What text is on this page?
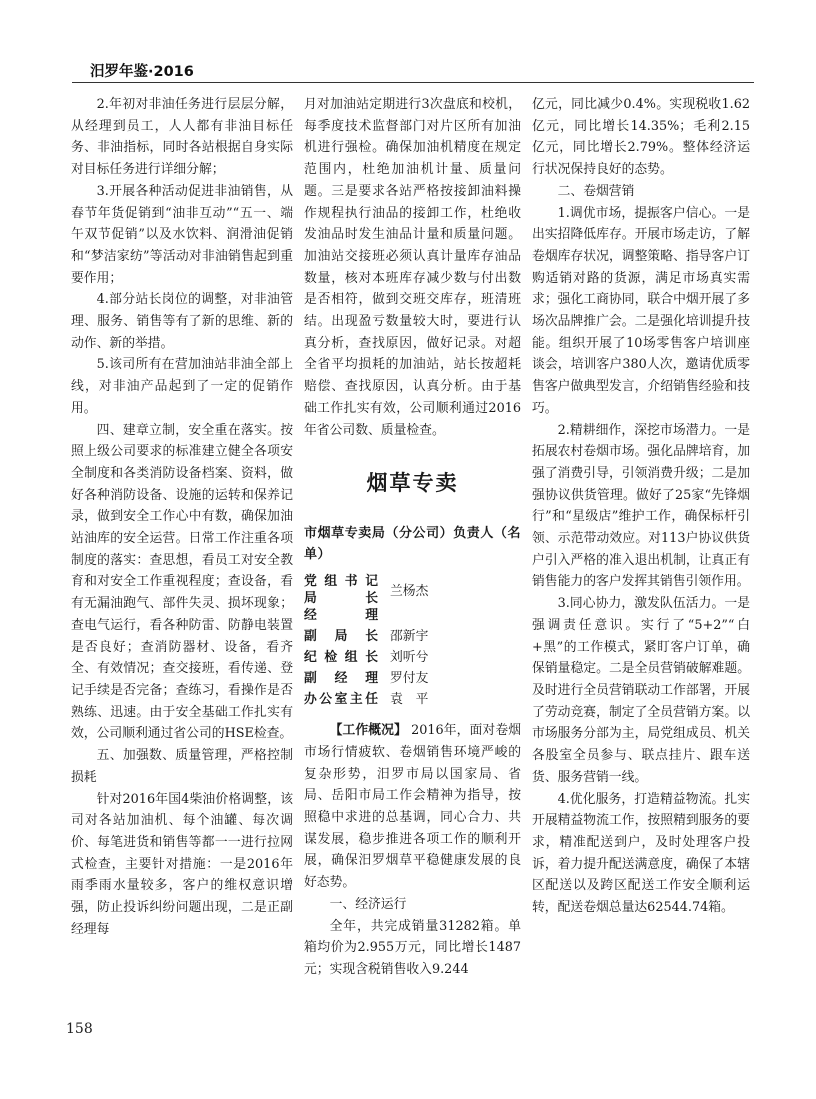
汨罗年鉴·2016

2.年初对非油任务进行层层分解，从经理到员工，人人都有非油目标任务、非油指标，同时各站根据自身实际对目标任务进行详细分解；

3.开展各种活动促进非油销售，从春节年货促销到“油非互动”“五一、端午双节促销”以及水饮料、润滑油促销和“梦洁家纺”等活动对非油销售起到重要作用；

4.部分站长岗位的调整，对非油管理、服务、销售等有了新的思维、新的动作、新的举措。

5.该司所有在营加油站非油全部上线，对非油产品起到了一定的促销作用。

四、建章立制，安全重在落实。按照上级公司要求的标准建立健全各项安全制度和各类消防设备档案、资料，做好各种消防设备、设施的运转和保养记录，做到安全工作心中有数，确保加油站油库的安全运营。日常工作注重各项制度的落实：查思想，看员工对安全教育和对安全工作重视程度；查设备，看有无漏油跑气、部件失灵、损坏现象；查电气运行，看各种防雷、防静电装置是否良好；查消防器材、设备，看齐全、有效情况；查交接班，看传递、登记手续是否完备；查练习，看操作是否熟练、迅速。由于安全基础工作扎实有效，公司顺利通过省公司的HSE检查。

五、加强数、质量管理，严格控制损耗

针对2016年国4柴油价格调整，该司对各站加油机、每个油罐、每次调价、每笔进货和销售等都一一进行拉网式检查，主要针对措施：一是2016年雨季雨水量较多，客户的维权意识增强，防止投诉纠纷问题出现，二是正副经理每

月对加油站定期进行3次盘底和校机，每季度技术监督部门对片区所有加油机进行强检。确保加油机精度在规定范围内，杜绝加油机计量、质量问题。三是要求各站严格按接卸油料操作规程执行油品的接卸工作，杜绝收发油品时发生油品计量和质量问题。加油站交接班必须认真计量库存油品数量，核对本班库存减少数与付出数是否相符，做到交班交库存，班清班结。出现盈亏数量较大时，要进行认真分析，查找原因，做好记录。对超全省平均损耗的加油站，站长按超耗赔偿、查找原因，认真分析。由于基础工作扎实有效，公司顺利通过2016年省公司数、质量检查。

烟草专卖
市烟草专卖局（分公司）负责人（名单）
党组书记
局　　长
经　　理
兰杨杰
副局长 邵新宇
纪检组长 刘听兮
副经理 罗付友
办公室主任 袁　平

【工作概况】 2016年，面对卷烟市场行情疲软、卷烟销售环境严峻的复杂形势，汨罗市局以国家局、省局、岳阳市局工作会精神为指导，按照稳中求进的总基调，同心合力、共谋发展，稳步推进各项工作的顺利开展，确保汨罗烟草平稳健康发展的良好态势。

一、经济运行

全年，共完成销量31282箱。单箱均价为2.955万元，同比增长1487元；实现含税销售收入9.244

亿元，同比减少0.4%。实现税收1.62亿元，同比增长14.35%；毛利2.15亿元，同比增长2.79%。整体经济运行状况保持良好的态势。

二、卷烟营销

1.调优市场，提振客户信心。一是出实招降低库存。开展市场走访，了解卷烟库存状况，调整策略、指导客户订购适销对路的货源，满足市场真实需求；强化工商协同，联合中烟开展了多场次品牌推广会。二是强化培训提升技能。组织开展了10场零售客户培训座谈会，培训客户380人次，邀请优质零售客户做典型发言，介绍销售经验和技巧。

2.精耕细作，深挖市场潜力。一是拓展农村卷烟市场。强化品牌培育，加强了消费引导，引领消费升级；二是加强协议供货管理。做好了25家“先锋烟行”和“星级店”维护工作，确保标杆引领、示范带动效应。对113户协议供货户引入严格的准入退出机制，让真正有销售能力的客户发挥其销售引领作用。

3.同心协力，激发队伍活力。一是强调责任意识。实行了“5+2”“白+黑”的工作模式，紧盯客户订单，确保销量稳定。二是全员营销破解难题。及时进行全员营销联动工作部署，开展了劳动竞赛，制定了全员营销方案。以市场服务分部为主，局党组成员、机关各股室全员参与、联点挂片、跟车送货、服务营销一线。

4.优化服务，打造精益物流。扎实开展精益物流工作，按照精到服务的要求，精准配送到户，及时处理客户投诉，着力提升配送满意度，确保了本辖区配送以及跨区配送工作安全顺利运转，配送卷烟总量达62544.74箱。

158
